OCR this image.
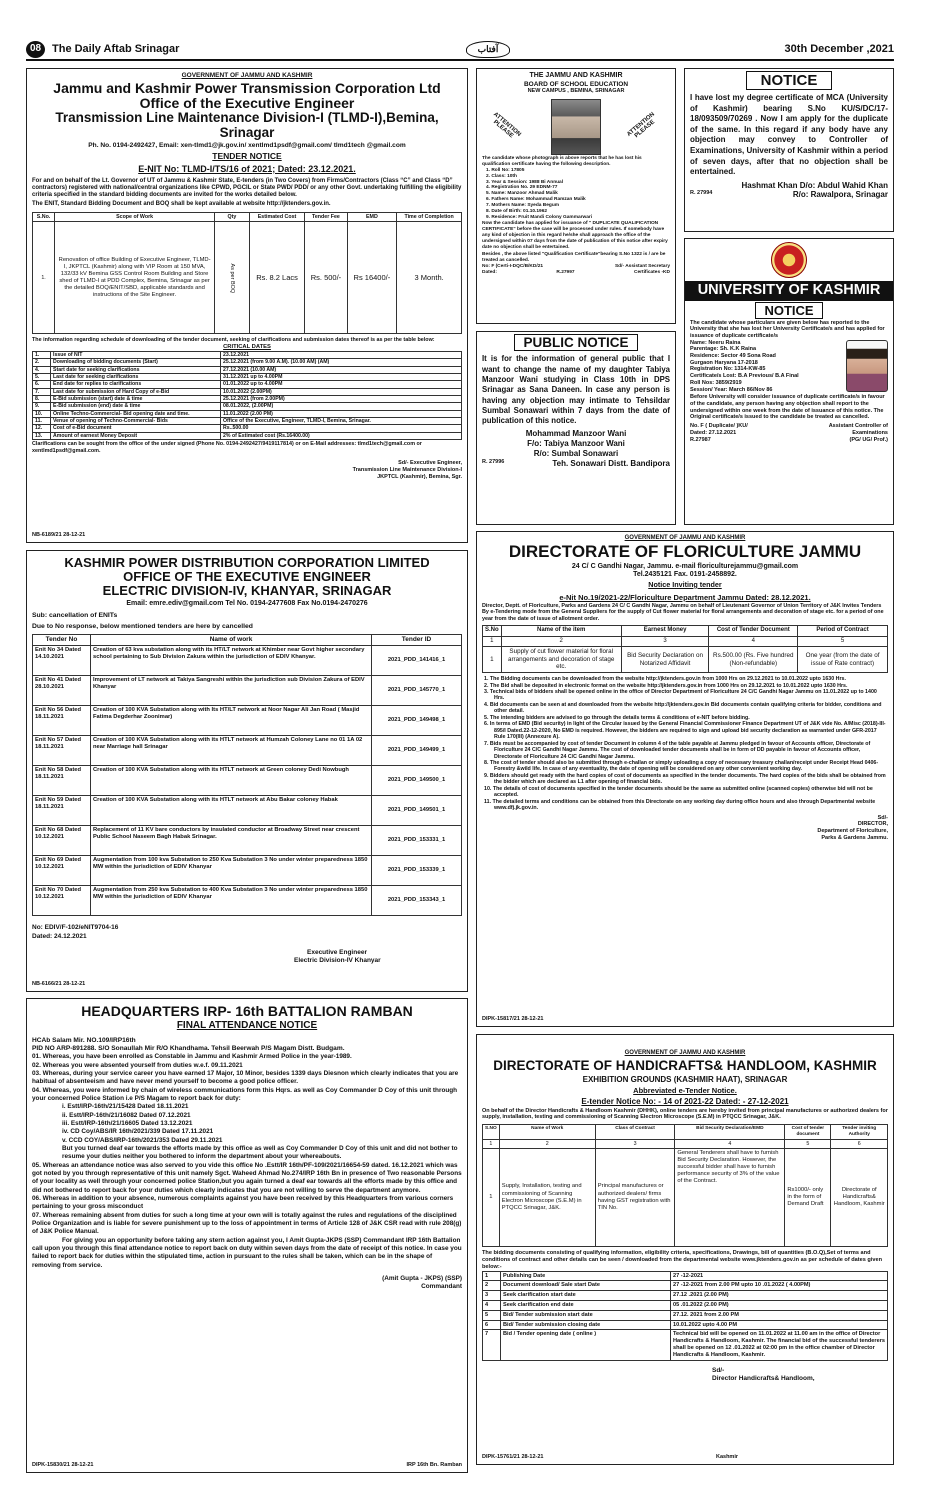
08 The Daily Aftab Srinagar	آفتاب	30th December ,2021
GOVERNMENT OF JAMMU AND KASHMIR
Jammu and Kashmir Power Transmission Corporation Ltd
Office of the Executive Engineer
Transmission Line Maintenance Division-I (TLMD-I),Bemina, Srinagar
Ph. No. 0194-2492427, Email: xen-tlmd1@jk.gov.in/ xentlmd1psdf@gmail.com/ tlmd1tech @gmail.com
TENDER NOTICE
E-NIT No: TLMD-I/TS/16 of 2021; Dated: 23.12.2021.
For and on behalf of the Lt. Governor of UT of Jammu & Kashmir State, E-tenders (in Two Covers) from Firms/Contractors (Class “C” and Class “D” contractors) registered with national/central organizations like CPWD, PGCIL or State PWD/ PDD/ or any other Govt. undertaking fulfilling the eligibility criteria specified in the standard bidding documents are invited for the works detailed below.
The ENIT, Standard Bidding Document and BOQ shall be kept available at website http://jktenders.gov.in.
S.No.	Scope of Work	Qty	Estimated Cost	Tender Fee	EMD	Time of Completion
1.	Renovation of office Building of Executive Engineer, TLMD-I, JKPTCL (Kashmir) along with VIP Room at 150 MVA, 132/33 kV Bemina GSS Control Room Building and Store shed of TLMD-I at PDD Complex, Bemina, Srinagar as per the detailed BOQ/ENIT/SBD, applicable standards and instructions of the Site Engineer.	As per BOQ	Rs. 8.2 Lacs	Rs. 500/-	Rs 16400/-	3 Month.
The information regarding schedule of downloading of the tender document, seeking of clarifications and submission dates thereof is as per the table below:
CRITICAL DATES
1.	Issue of NIT	23.12.2021
2.	Downloading of bidding documents (Start)	25.12.2021 (from 9.00 A.M). (10.00 AM) (AM)
4.	Start date for seeking clarifications	27.12.2021 (10.00 AM)
5.	Last date for seeking clarifications	31.12.2021 up to 4.00PM
6.	End date for replies to clarifications	01.01.2022 up to 4.00PM
7.	Last date for submission of Hard Copy of e-Bid	10.01.2022 (2.00PM)
8.	E-Bid submission (start) date & time	25.12.2021 (from 2.00PM)
9.	E-Bid submission (end) date & time	08.01.2022, (2.00PM)
10.	Online Techno-Commercial- Bid opening date and time.	11.01.2022 (2.00 PM)
11.	Venue of opening of Techno-Commercial- Bids	Office of the Executive, Engineer, TLMD-I, Bemina, Srinagar.
12.	Cost of e-Bid document	Rs..500.00
13.	Amount of earnest Money Deposit	2% of Estimated cost (Rs.16400.00)
Clarifications can be sought from the office of the under signed (Phone No. 0194-2492427/9419117814) or on E-Mail addresses: tlmd1tech@gmail.com or xentlmd1psdf@gmail.com.
Sd/- Executive Engineer,
Transmission Line Maintenance Division-I
JKPTCL (Kashmir), Bemina, Sgr.
NB-6189/21 28-12-21
THE JAMMU AND KASHMIR
BOARD OF SCHOOL EDUCATION
NEW CAMPUS , BEMINA, SRINAGAR
ATTENTION PLEASE	ATTENTION PLEASE
The candidate whose photograph is above reports that he has lost his qualification certificate having the following description.
1. Roll No: 17805
2. Class: 10th
3. Year & Session: 1988 Bi Annual
4. Registration No. 29 EDNM-77
5. Name: Manzoor Ahmad Malik
6. Fathers Name: Mohammad Ramzan Malik
7. Mothers Name: Syeda Begum
8. Date of Birth: 01.10.1962
9. Residence: Fruit Mandi Colony Gammarwari
Now the candidate has applied for issuance of " DUPLICATE QUALIFICATION CERTIFICATE" before the case will be processed under rules. If somebody have any kind of objection in this regard he/she shall approach the office of the undersigned within 07 days from the date of publication of this notice after expiry date no objection shall be entertained.
Besides , the above listed "Qualification Certificate"bearing S.No 1322 is / are be treated as cancelled.
No: F (Certi-I-DQC/B/KD/21	Sd/- Assistant Secretary
Dated:	R.27997	Certificates -KD
NOTICE
I have lost my degree certificate of MCA (University of Kashmir) bearing S.No KU/S/DC/17-18/093509/70269 . Now I am apply for the duplicate of the same. In this regard if any body have any objection may convey to Controller of Examinations, University of Kashmir within a period of seven days, after that no objection shall be entertained.
Hashmat Khan D/o: Abdul Wahid Khan
R. 27994	R/o: Rawalpora, Srinagar
PUBLIC NOTICE
It is for the information of general public that I want to change the name of my daughter Tabiya Manzoor Wani studying in Class 10th in DPS Srinagar as Sana Daneen. In case any person is having any objection may intimate to Tehsildar Sumbal Sonawari within 7 days from the date of publication of this notice.
Mohammad Manzoor Wani
F/o: Tabiya Manzoor Wani
R/o: Sumbal Sonawari
R. 27996	Teh. Sonawari Distt. Bandipora
UNIVERSITY OF KASHMIR
NOTICE
The candidate whose particulars are given below has reported to the University that she has lost her University Certificate/s and has applied for issuance of duplicate certificate/s
Name: Neeru Raina
Parentage: Sh. K.K Raina
Residence: Sector 49 Sona Road
Gurgaon Haryana 17-2018
Registration No: 1314-KW-85
Certificate/s Lost: B.A Previous/ B.A Final
Roll Nos: 3859/2919
Session/ Year: March 86/Nov 86
Before University will consider issuance of duplicate certificate/s in favour of the candidate, any person having any objection shall report to the undersigned within one week from the date of issuance of this notice. The Original certificate/s issued to the candidate be treated as cancelled.
No. F ( Duplicate/ )KU/	Assistant Controller of
Dated: 27.12.2021	Examinations
R.27987	(PG/ UG/ Prof.)
KASHMIR POWER DISTRIBUTION CORPORATION LIMITED
OFFICE OF THE EXECUTIVE ENGINEER
ELECTRIC DIVISION-IV, KHANYAR, SRINAGAR
Email: emre.ediv@gmail.com Tel No. 0194-2477608 Fax No.0194-2470276
Sub: cancellation of ENITs
Due to No response, below mentioned tenders are here by cancelled
Tender No	Name of work	Tender ID
Enit No 34 Dated 14.10.2021	Creation of 63 kva substation along with its HT/LT network at Khimber near Govt higher secondary school pertaining to Sub Division Zakura within the jurisdiction of EDIV Khanyar.	2021_PDD_141416_1
Enit No 41 Dated 28.10.2021	Improvement of LT network at Takiya Sangreshi within the jurisdiction sub Division Zakura of EDIV Khanyar	2021_PDD_145770_1
Enit No 56 Dated 18.11.2021	Creation of 100 KVA Substation along with Its HT/LT network at Noor Nagar Ali Jan Road ( Masjid Fatima Degderhar Zoonimar)	2021_PDD_149498_1
Enit No 57 Dated 18.11.2021	Creation of 100 KVA Substation along with its HTLT network at Humzah Coloney Lane no 01 1A 02 near Marriage hall Srinagar	2021_PDD_149499_1
Enit No 58 Dated 18.11.2021	Creation of 100 KVA Substation along with its HTLT network at Green coloney Dedi Nowbugh	2021_PDD_149500_1
Enit No 59 Dated 18.11.2021	Creation of 100 KVA Substation along with its HTLT network at Abu Bakar coloney Habak	2021_PDD_149501_1
Enit No 68 Dated 10.12.2021	Replacement of 11 KV bare conductors by insulated conductor at Broadway Street near crescent Public School Naseem Bagh Habak Srinagar.	2021_PDD_153331_1
Enit No 69 Dated 10.12.2021	Augmentation from 100 kva Substation to 250 Kva Substation 3 No under winter preparedness 1850 MW within the jurisdiction of EDIV Khanyar	2021_PDD_153339_1
Enit No 70 Dated 10.12.2021	Augmentation from 250 kva Substation to 400 Kva Substation 3 No under winter preparedness 1850 MW within the jurisdiction of EDIV Khanyar	2021_PDD_153343_1
No: EDIV/F-102/eNIT9704-16
Dated: 24.12.2021
Executive Engineer
Electric Division-IV Khanyar
NB-6166/21 28-12-21
GOVERNMENT OF JAMMU AND KASHMIR
DIRECTORATE OF FLORICULTURE JAMMU
24 C/ C Gandhi Nagar, Jammu. e-mail floriculturejammu@gmail.com
Tel.2435121 Fax. 0191-2458892.
Notice Inviting tender
e-Nit No.19/2021-22/Floriculture Department Jammu Dated: 28.12.2021.
Director, Deptt. of Floriculture, Parks and Gardens 24 C/ C Gandhi Nagar, Jammu on behalf of Lieutenant Governor of Union Territory of J&K Invites Tenders By e-Tendering mode from the General Suppliers for the supply of Cut flower material for floral arrangements and decoration of stage etc. for a period of one year from the date of issue of allotment order.
S.No	Name of the item	Earnest Money	Cost of Tender Document	Period of Contract
1	2	3	4	5
1	Supply of cut flower material for floral arrangements and decoration of stage etc.	Bid Security Declaration on Notarized Affidavit	Rs.500.00 (Rs. Five hundred (Non-refundable)	One year (from the date of issue of Rate contract)
1. The Bidding documents can be downloaded from the website http://jktenders.gov.in from 1000 Hrs on 29.12.2021 to 10.01.2022 upto 1630 Hrs.
2. The Bid shall be deposited in electronic format on the website http://jktenders.gov.in from 1000 Hrs on 29.12.2021 to 10.01.2022 upto 1630 Hrs.
3. Technical bids of bidders shall be opened online in the office of Director Department of Floriculture 24 C/C Gandhi Nagar Jammu on 11.01.2022 up to 1400 Hrs.
4. Bid documents can be seen at and downloaded from the website http://jktenders.gov.in Bid documents contain qualifying criteria for bidder, conditions and other detail.
5. The intending bidders are advised to go through the details terms & conditions of e-NIT before bidding.
6. In terms of EMD (Bid security) in light of the Circular issued by the General Financial Commissioner Finance Department UT of J&K vide No. A/Misc (2018)-III-895/I Dated.22-12-2020, No EMD is required. However, the bidders are required to sign and upload bid security declaration as warranted under GFR-2017 Rule 170(III) (Annexure A).
7. Bids must be accompanied by cost of tender Document in column 4 of the table payable at Jammu pledged in favour of Accounts officer, Directorate of Floriculture 24 C/C Gandhi Nagar Jammu. The cost of downloaded tender documents shall be in form of DD payable in favour of Accounts officer, Directorate of Floriculture 24 C/C Gandhi Nagar Jammu.
8. The cost of tender should also be submitted through e-challan or simply uploading a copy of necessary treasury challan/receipt under Receipt Head 0406- Forestry &wild life. In case of any eventuality, the date of opening will be considered on any other convenient working day.
9. Bidders should get ready with the hard copies of cost of documents as specified in the tender documents. The hard copies of the bids shall be obtained from the bidder which are declared as L1 after opening of financial bids.
10. The details of cost of documents specified in the tender documents should be the same as submitted online (scanned copies) otherwise bid will not be accepted.
11. The detailed terms and conditions can be obtained from this Directorate on any working day during office hours and also through Departmental website www.dfj.jk.gov.in.
Sd/-
DIRECTOR,
Department of Floriculture,
Parks & Gardens Jammu.
DIPK-15817/21 28-12-21
HEADQUARTERS IRP- 16th BATTALION RAMBAN
FINAL ATTENDANCE NOTICE
HCAb Salam Mir. NO.109/IRP16th
PID NO ARP-891288. S/O Sonaullah Mir R/O Khandhama. Tehsil Beerwah P/S Magam Distt. Budgam.
01. Whereas, you have been enrolled as Constable in Jammu and Kashmir Armed Police in the year-1989.
02. Whereas you were absented yourself from duties w.e.f. 09.11.2021
03. Whereas, during your service career you have earned 17 Major, 10 Minor, besides 1339 days Diesnon which clearly indicates that you are habitual of absenteeism and have never mend yourself to become a good police officer.
04. Whereas, you were informed by chain of wireless communications form this Hqrs. as well as Coy Commander D Coy of this unit through your concerned Police Station i.e P/S Magam to report back for duty:
i. Estt/IRP-16th/21/15428 Dated 18.11.2021
ii. Estt/IRP-16th/21/16082 Dated 07.12.2021
iii. Estt/IRP-16th/21/16605 Dated 13.12.2021
iv. CD Coy/ABS/IR 16th/2021/339 Dated 17.11.2021
v. CCD COY/ABS/IRP-16th/2021/353 Dated 29.11.2021
But you turned deaf ear towards the efforts made by this office as well as Coy Commander D Coy of this unit and did not bother to resume your duties neither you bothered to inform the department about your whereabouts.
05. Whereas an attendance notice was also served to you vide this office No .Estt/IR 16th/PF-109/2021/16654-59 dated. 16.12.2021 which was got noted by you through representative of this unit namely Sgct. Waheed Ahmad No.274/IRP 16th Bn in presence of Two reasonable Persons of your locality as well through your concerned police Station,but you again turned a deaf ear towards all the efforts made by this office and did not bothered to report back for your duties which clearly indicates that you are not willing to serve the department anymore.
06. Whereas in addition to your absence, numerous complaints against you have been received by this Headquarters from various corners pertaining to your gross misconduct
07. Whereas remaining absent from duties for such a long time at your own will is totally against the rules and regulations of the disciplined Police Organization and is liable for severe punishment up to the loss of appointment in terms of Article 128 of J&K CSR read with rule 208(g) of J&K Police Manual.
For giving you an opportunity before taking any stern action against you, I Amit Gupta-JKPS (SSP) Commandant IRP 16th Battalion call upon you through this final attendance notice to report back on duty within seven days from the date of receipt of this notice. In case you failed to report back for duties within the stipulated time, action in pursuant to the rules shall be taken, which can be in the shape of removing from service.
(Amit Gupta - JKPS) (SSP)
Commandant
DIPK-15830/21 28-12-21	IRP 16th Bn. Ramban
GOVERNMENT OF JAMMU AND KASHMIR
DIRECTORATE OF HANDICRAFTS& HANDLOOM, KASHMIR
EXHIBITION GROUNDS (KASHMIR HAAT), SRINAGAR
Abbreviated e-Tender Notice.
E-tender Notice No: - 14 of 2021-22 Dated: - 27-12-2021
On behalf of the Director Handicrafts & Handloom Kashmir (DHHK), online tenders are hereby invited from principal manufactures or authorized dealers for supply, installation, testing and commissioning of Scanning Electron Microscope (S.E.M) in PTQCC Srinagar, J&K.
S.NO	Name of Work	Class of Contract	Bid Security Declaration/EMD	Cost of tender document	Tender inviting Authority
1	2	3	4	5	6
1	Supply, Installation, testing and commissioning of Scanning Electron Microscope (S.E.M) in PTQCC Srinagar, J&K.	Principal manufactures or authorized dealers/ firms having GST registration with TIN No.	General Tenderers shall have to furnish Bid Security Declaration. However, the successful bidder shall have to furnish performance security of 3% of the value of the Contract.	Rs1000/- only in the form of Demand Draft	Directorate of Handicrafts& Handloom, Kashmir
The bidding documents consisting of qualifying information, eligibility criteria, specifications, Drawings, bill of quantities (B.O.Q),Set of terms and conditions of contract and other details can be seen / downloaded from the departmental website www.jktenders.gov.in as per schedule of dates given below:-
1	Publishing Date	27 -12-2021
2	Document download/ Sale start Date	27 -12-2021 from 2.00 PM upto 10 .01.2022 ( 4.00PM)
3	Seek clarification start date	27.12 .2021 (2.00 PM)
4	Seek clarification end date	05 .01.2022 (2.00 PM)
5	Bid/ Tender submission start date	27.12. 2021 from 2.00 PM
6	Bid/ Tender submission closing date	10.01.2022 upto 4.00 PM
7	Bid / Tender opening date ( online )	Technical bid will be opened on 11.01.2022 at 11.00 am in the office of Director Handicrafts & Handloom, Kashmir. The financial bid of the successful tenderers shall be opened on 12 .01.2022 at 02:00 pm in the office chamber of Director Handicrafts & Handloom, Kashmir.
Sd/-
Director Handicrafts& Handloom,
DIPK-15761/21 28-12-21	Kashmir
